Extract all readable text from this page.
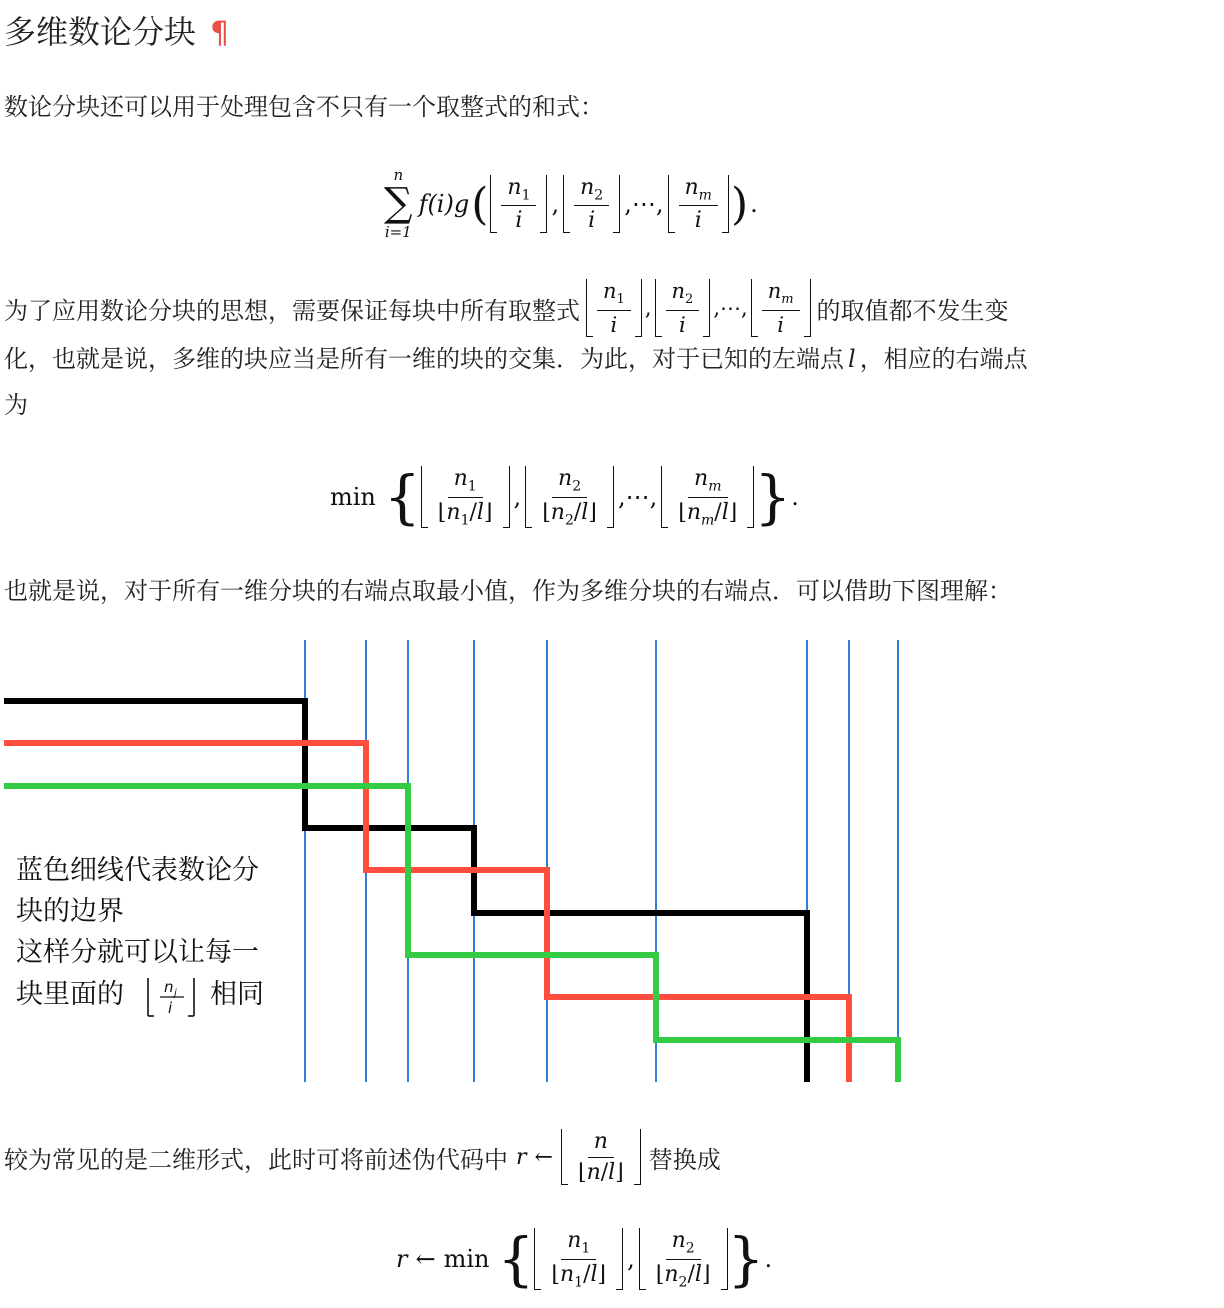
多维数论分块 ¶
数论分块还可以用于处理包含不只有一个取整式的和式：
n
∑
i=1
f(i)g ( $\frac{n_1}{i}$ , $\frac{n_2}{i}$ ,⋯, $\frac{n_m}{i}$ ) .
为了应用数论分块的思想，需要保证每块中所有取整式 $\frac{n_1}{i}$ , $\frac{n_2}{i}$ ,⋯, $\frac{n_m}{i}$ 的取值都不发生变
化，也就是说，多维的块应当是所有一维的块的交集．为此，对于已知的左端点 l ，相应的右端点
为
min { $\frac{n_1}{⌊n_1/l⌋}$ , $\frac{n_2}{⌊n_2/l⌋}$ ,⋯, $\frac{n_m}{⌊n_m/l⌋}$ } .
也就是说，对于所有一维分块的右端点取最小值，作为多维分块的右端点．可以借助下图理解：
蓝色细线代表数论分
块的边界
这样分就可以让每一
块里面的	n j
i 相同
较为常见的是二维形式，此时可将前述伪代码中 r ← $\frac{n}{⌊n/l⌋}$ 替换成
r ← min { $\frac{n_1}{⌊n_1/l⌋}$ , $\frac{n_2}{⌊n_2/l⌋}$ } .
